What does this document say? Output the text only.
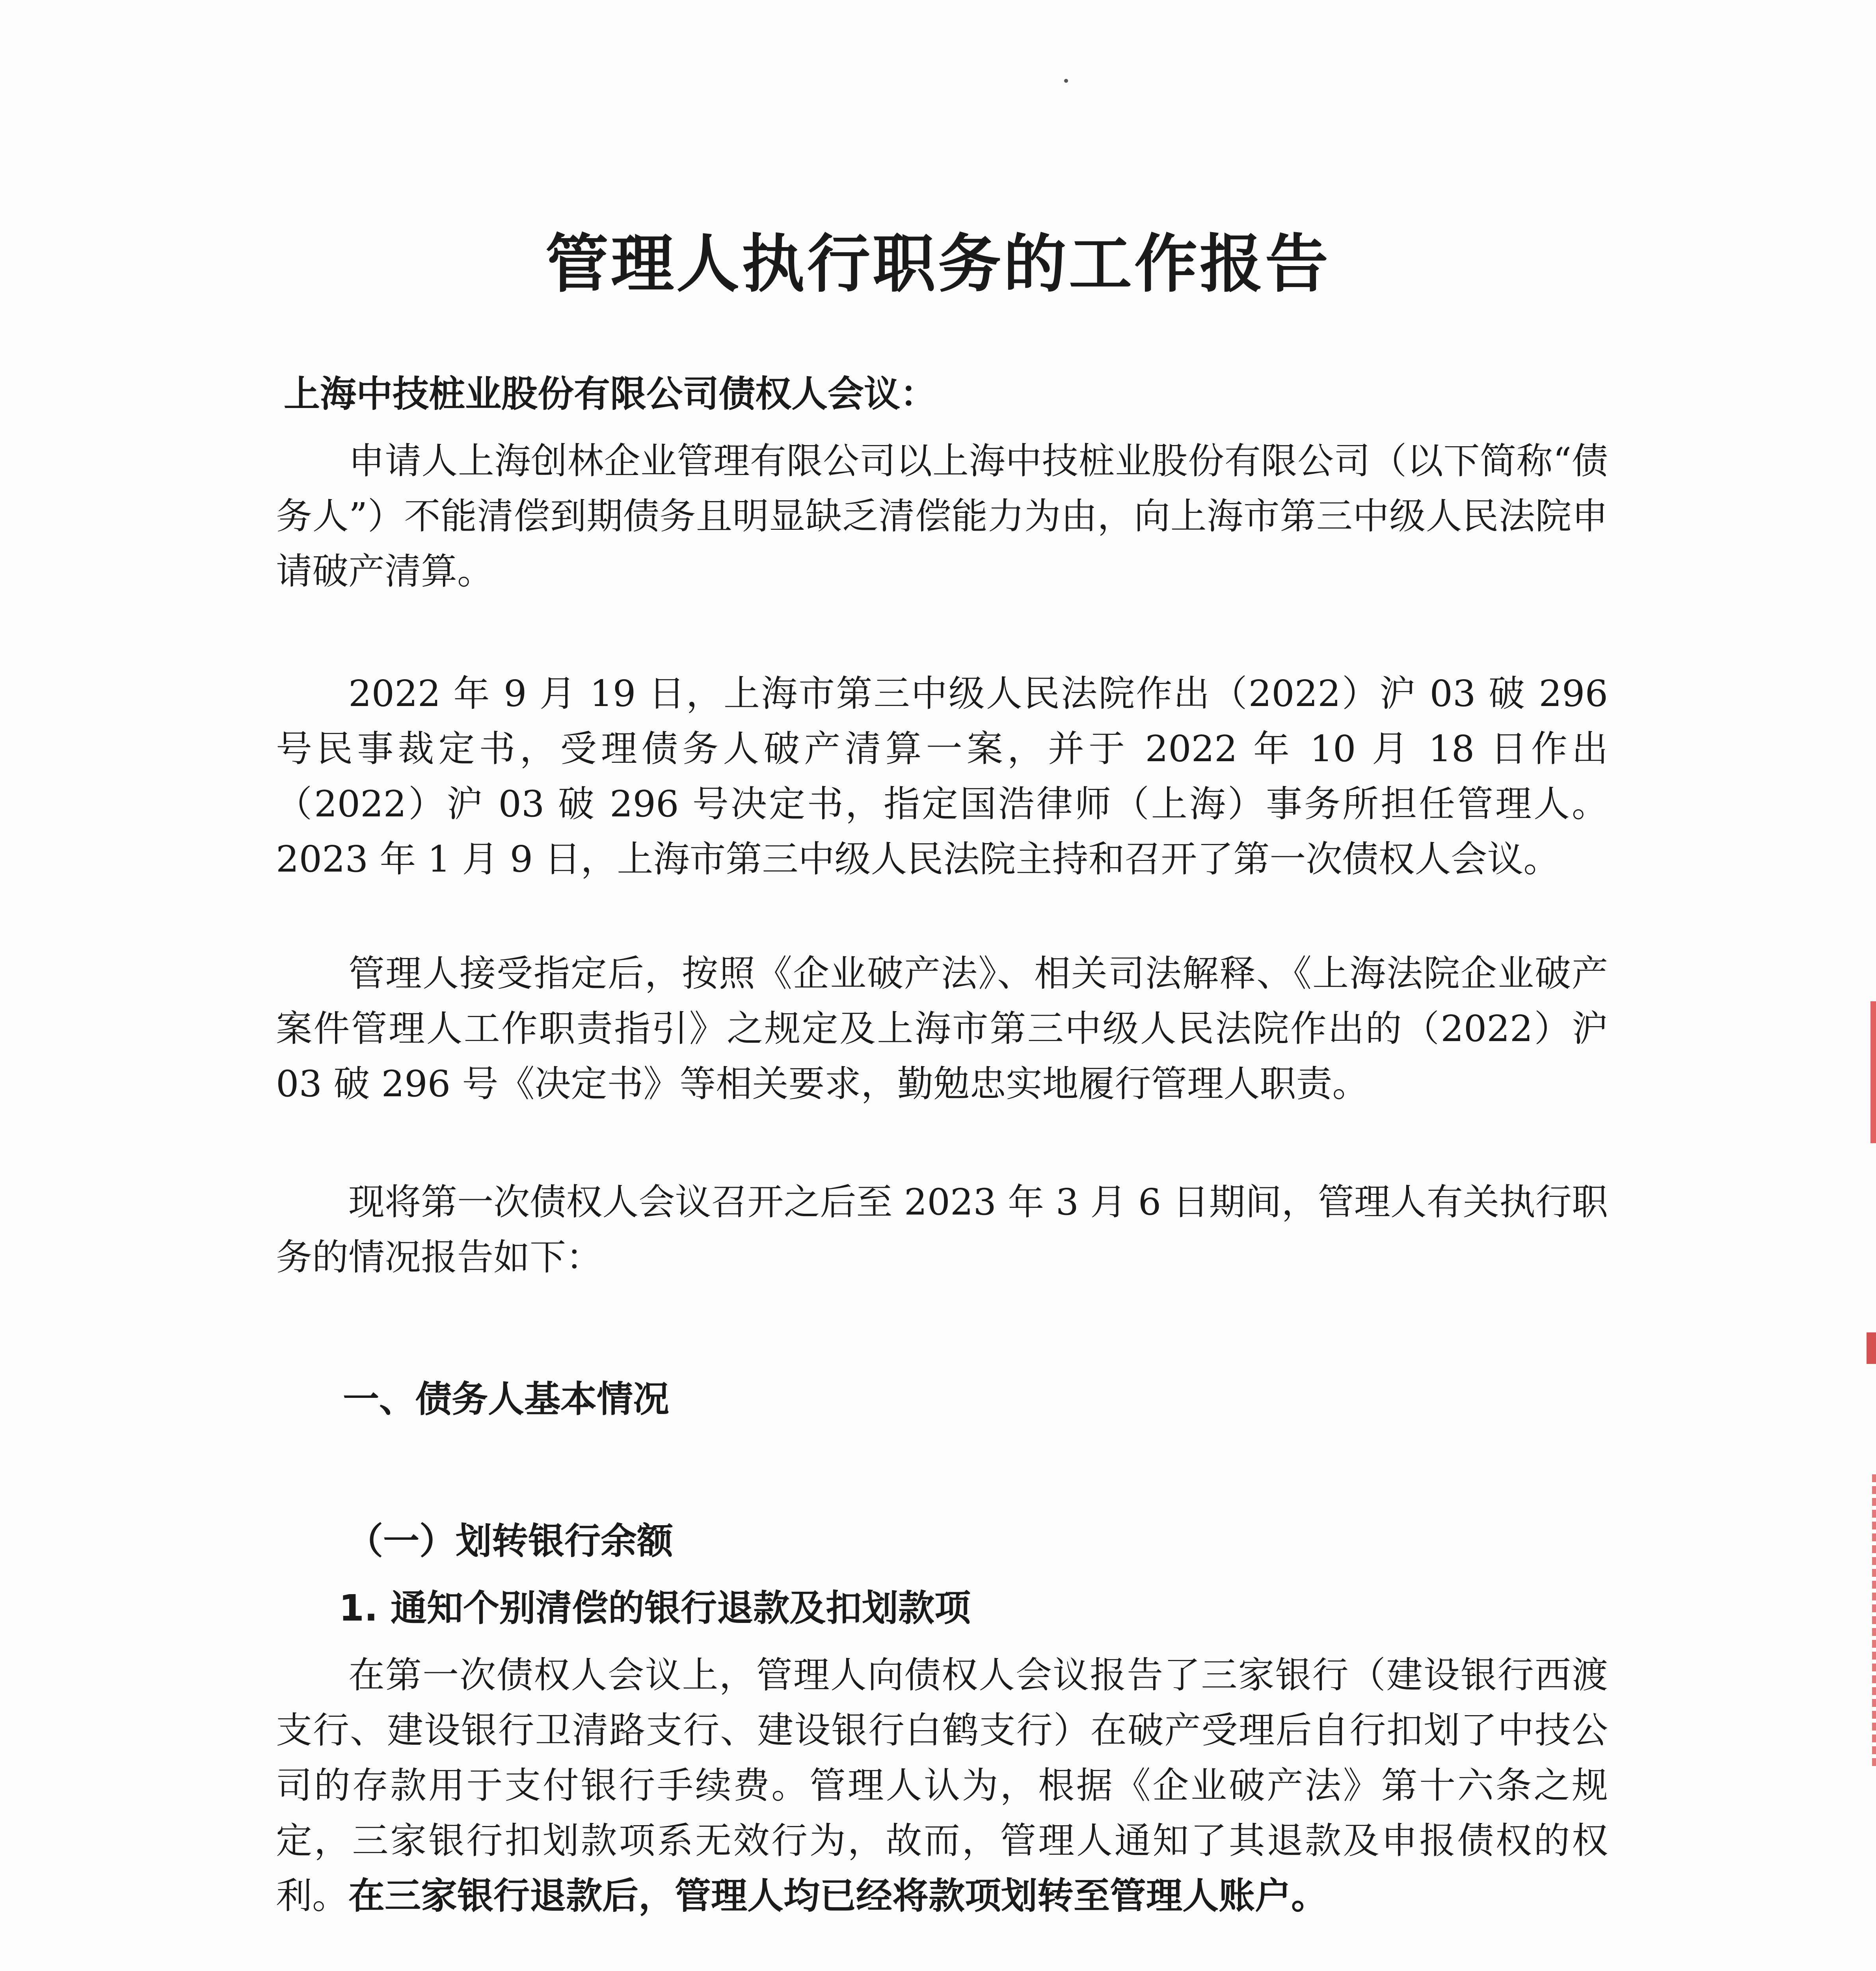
管理人执行职务的工作报告
上海中技桩业股份有限公司债权人会议：

申请人上海创林企业管理有限公司以上海中技桩业股份有限公司（以下简称“债务人”）不能清偿到期债务且明显缺乏清偿能力为由，向上海市第三中级人民法院申请破产清算。

2022 年 9 月 19 日，上海市第三中级人民法院作出（2022）沪 03 破 296 号民事裁定书，受理债务人破产清算一案，并于 2022 年 10 月 18 日作出（2022）沪 03 破 296 号决定书，指定国浩律师（上海）事务所担任管理人。2023 年 1 月 9 日，上海市第三中级人民法院主持和召开了第一次债权人会议。

管理人接受指定后，按照《企业破产法》、相关司法解释、《上海法院企业破产案件管理人工作职责指引》之规定及上海市第三中级人民法院作出的（2022）沪 03 破 296 号《决定书》等相关要求，勤勉忠实地履行管理人职责。

现将第一次债权人会议召开之后至 2023 年 3 月 6 日期间，管理人有关执行职务的情况报告如下：

一、债务人基本情况
（一）划转银行余额
1. 通知个别清偿的银行退款及扣划款项

在第一次债权人会议上，管理人向债权人会议报告了三家银行（建设银行西渡支行、建设银行卫清路支行、建设银行白鹤支行）在破产受理后自行扣划了中技公司的存款用于支付银行手续费。管理人认为，根据《企业破产法》第十六条之规定，三家银行扣划款项系无效行为，故而，管理人通知了其退款及申报债权的权利。在三家银行退款后，管理人均已经将款项划转至管理人账户。
